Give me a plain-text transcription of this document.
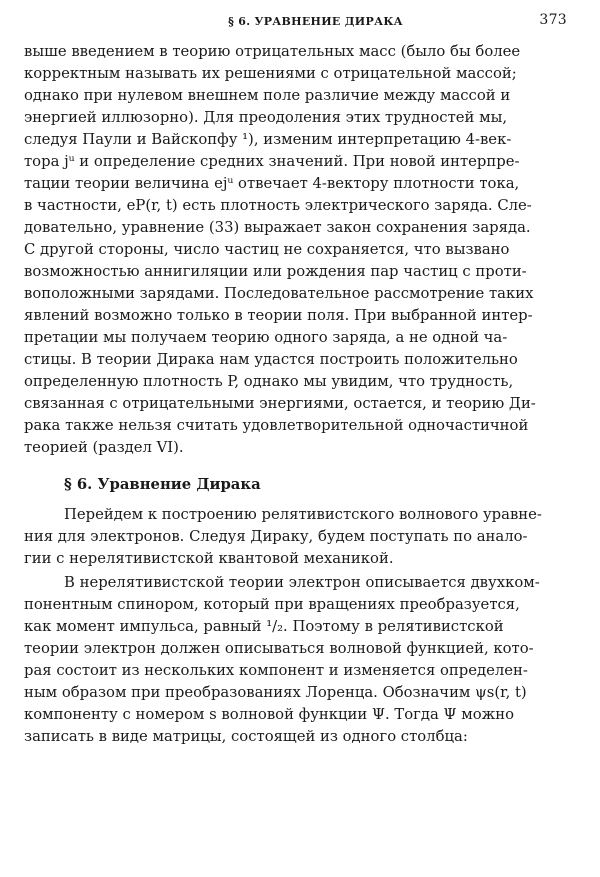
§ 6. УРАВНЕНИЕ ДИРАКА	373
выше введением в теорию отрицательных масс (было бы более
корректным называть их решениями с отрицательной массой;
однако при нулевом внешнем поле различие между массой и
энергией иллюзорно). Для преодоления этих трудностей мы,
следуя Паули и Вайскопфу ¹), изменим интерпретацию 4-век-
тора jᵘ и определение средних значений. При новой интерпре-
тации теории величина ejᵘ отвечает 4-вектору плотности тока,
в частности, eP(r, t) есть плотность электрического заряда. Сле-
довательно, уравнение (33) выражает закон сохранения заряда.
С другой стороны, число частиц не сохраняется, что вызвано
возможностью аннигиляции или рождения пар частиц с проти-
воположными зарядами. Последовательное рассмотрение таких
явлений возможно только в теории поля. При выбранной интер-
претации мы получаем теорию одного заряда, а не одной ча-
стицы. В теории Дирака нам удастся построить положительно
определенную плотность P, однако мы увидим, что трудность,
связанная с отрицательными энергиями, остается, и теорию Ди-
рака также нельзя считать удовлетворительной одночастичной
теорией (раздел VI).
§ 6. Уравнение Дирака
Перейдем к построению релятивистского волнового уравне-
ния для электронов. Следуя Дираку, будем поступать по анало-
гии с нерелятивистской квантовой механикой.
В нерелятивистской теории электрон описывается двухком-
понентным спинором, который при вращениях преобразуется,
как момент импульса, равный ¹/₂. Поэтому в релятивистской
теории электрон должен описываться волновой функцией, кото-
рая состоит из нескольких компонент и изменяется определен-
ным образом при преобразованиях Лоренца. Обозначим ψs(r, t)
компоненту с номером s волновой функции Ψ. Тогда Ψ можно
записать в виде матрицы, состоящей из одного столбца:
